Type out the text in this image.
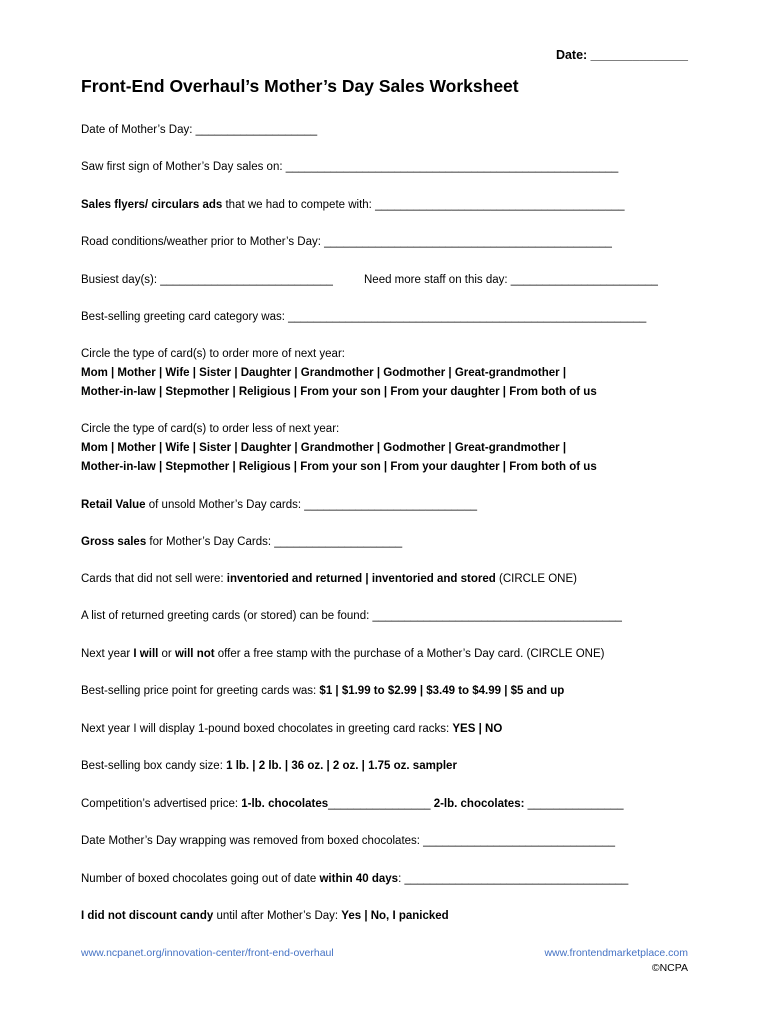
Date: ______________
Front-End Overhaul’s Mother’s Day Sales Worksheet
Date of Mother’s Day: ___________________
Saw first sign of Mother’s Day sales on: ____________________________________________________
Sales flyers/ circulars ads that we had to compete with: _______________________________________
Road conditions/weather prior to Mother’s Day: _____________________________________________
Busiest day(s): ___________________________	Need more staff on this day: _______________________
Best-selling greeting card category was: ________________________________________________________
Circle the type of card(s) to order more of next year:
Mom | Mother | Wife | Sister | Daughter | Grandmother | Godmother | Great-grandmother |
Mother-in-law | Stepmother | Religious | From your son | From your daughter | From both of us
Circle the type of card(s) to order less of next year:
Mom | Mother | Wife | Sister | Daughter | Grandmother | Godmother | Great-grandmother |
Mother-in-law | Stepmother | Religious | From your son | From your daughter | From both of us
Retail Value of unsold Mother’s Day cards: ___________________________
Gross sales for Mother’s Day Cards: ____________________
Cards that did not sell were: inventoried and returned | inventoried and stored (CIRCLE ONE)
A list of returned greeting cards (or stored) can be found: _______________________________________
Next year I will or will not offer a free stamp with the purchase of a Mother’s Day card. (CIRCLE ONE)
Best-selling price point for greeting cards was: $1 | $1.99 to $2.99 | $3.49 to $4.99 | $5 and up
Next year I will display 1-pound boxed chocolates in greeting card racks: YES | NO
Best-selling box candy size: 1 lb. | 2 lb. | 36 oz. | 2 oz. | 1.75 oz. sampler
Competition’s advertised price: 1-lb. chocolates________________ 2-lb. chocolates: _______________
Date Mother’s Day wrapping was removed from boxed chocolates: ______________________________
Number of boxed chocolates going out of date within 40 days: ___________________________________
I did not discount candy until after Mother’s Day: Yes | No, I panicked
www.ncpanet.org/innovation-center/front-end-overhaul	www.frontendmarketplace.com
©NCPA
